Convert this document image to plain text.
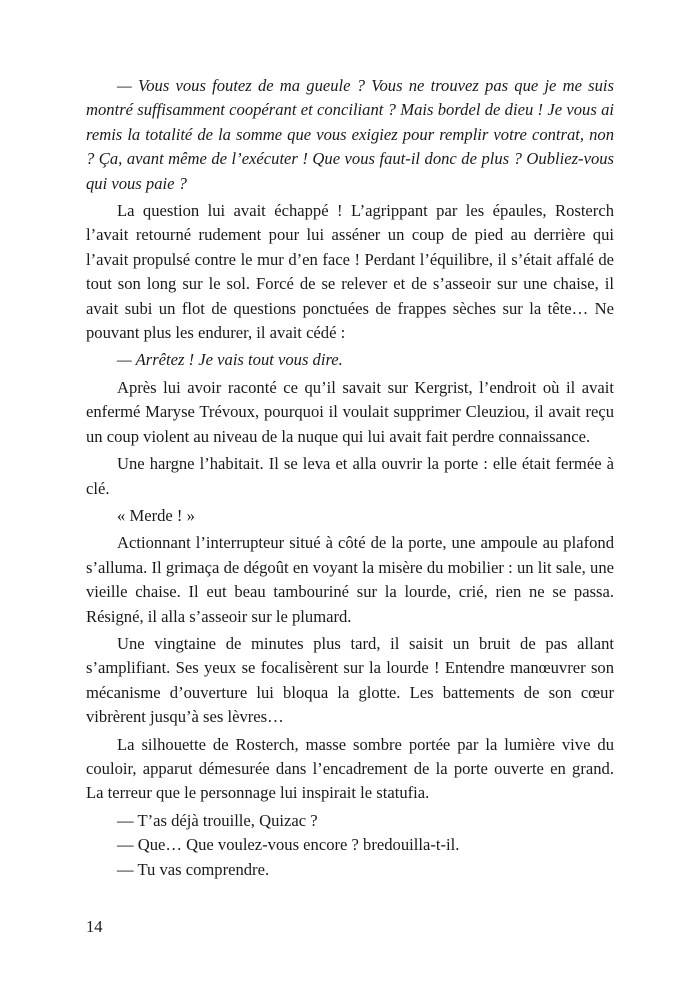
— Vous vous foutez de ma gueule ? Vous ne trouvez pas que je me suis montré suffisamment coopérant et conciliant ? Mais bordel de dieu ! Je vous ai remis la totalité de la somme que vous exigiez pour remplir votre contrat, non ? Ça, avant même de l’exécuter ! Que vous faut-il donc de plus ? Oubliez-vous qui vous paie ?

La question lui avait échappé ! L’agrippant par les épaules, Rosterch l’avait retourné rudement pour lui asséner un coup de pied au derrière qui l’avait propulsé contre le mur d’en face ! Perdant l’équilibre, il s’était affalé de tout son long sur le sol. Forcé de se relever et de s’asseoir sur une chaise, il avait subi un flot de questions ponctuées de frappes sèches sur la tête… Ne pouvant plus les endurer, il avait cédé :

— Arrêtez ! Je vais tout vous dire.

Après lui avoir raconté ce qu’il savait sur Kergrist, l’endroit où il avait enfermé Maryse Trévoux, pourquoi il voulait supprimer Cleuziou, il avait reçu un coup violent au niveau de la nuque qui lui avait fait perdre connaissance.

Une hargne l’habitait. Il se leva et alla ouvrir la porte : elle était fermée à clé.

« Merde ! »

Actionnant l’interrupteur situé à côté de la porte, une ampoule au plafond s’alluma. Il grimaça de dégoût en voyant la misère du mobilier : un lit sale, une vieille chaise. Il eut beau tambouriné sur la lourde, crié, rien ne se passa. Résigné, il alla s’asseoir sur le plumard.

Une vingtaine de minutes plus tard, il saisit un bruit de pas allant s’amplifiant. Ses yeux se focalisèrent sur la lourde ! Entendre manœuvrer son mécanisme d’ouverture lui bloqua la glotte. Les battements de son cœur vibrèrent jusqu’à ses lèvres…

La silhouette de Rosterch, masse sombre portée par la lumière vive du couloir, apparut démesurée dans l’encadrement de la porte ouverte en grand. La terreur que le personnage lui inspirait le statufia.

— T’as déjà trouille, Quizac ?

— Que… Que voulez-vous encore ? bredouilla-t-il.

— Tu vas comprendre.

14
